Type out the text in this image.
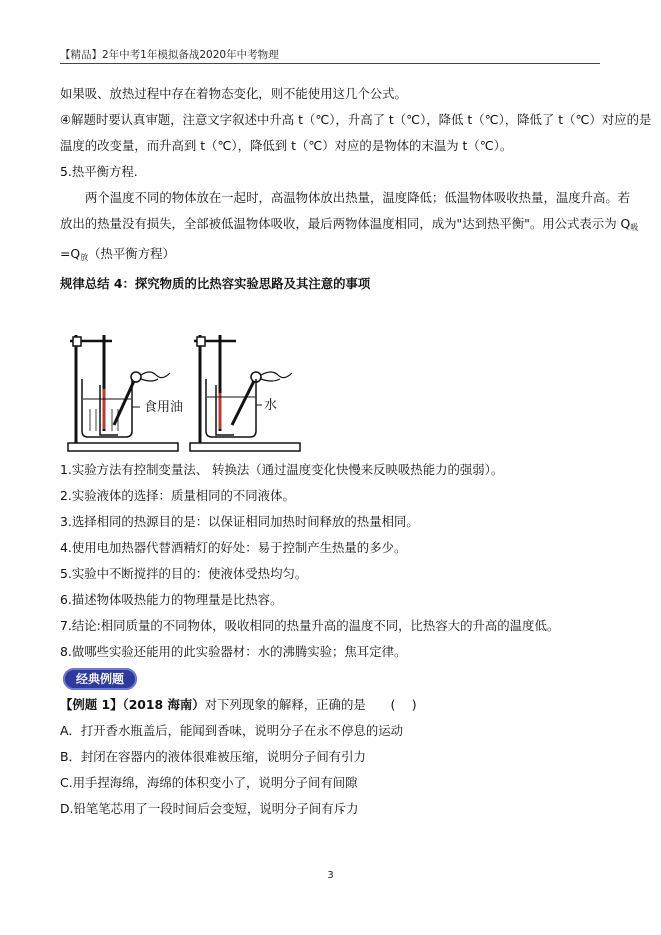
【精品】2年中考1年模拟备战2020年中考物理

如果吸、放热过程中存在着物态变化，则不能使用这几个公式。

④解题时要认真审题，注意文字叙述中升高 t（℃），升高了 t（℃），降低 t（℃），降低了 t（℃）对应的是

温度的改变量，而升高到 t（℃），降低到 t（℃）对应的是物体的末温为 t（℃）。

5.热平衡方程.

两个温度不同的物体放在一起时，高温物体放出热量，温度降低；低温物体吸收热量，温度升高。若

放出的热量没有损失，全部被低温物体吸收，最后两物体温度相同，成为"达到热平衡"。用公式表示为 $Q_吸$

$=Q_放$（热平衡方程）

规律总结 4：探究物质的比热容实验思路及其注意的事项

食用油	水

1.实验方法有控制变量法、 转换法（通过温度变化快慢来反映吸热能力的强弱）。

2.实验液体的选择：质量相同的不同液体。

3.选择相同的热源目的是：以保证相同加热时间释放的热量相同。

4.使用电加热器代替酒精灯的好处：易于控制产生热量的多少。

5.实验中不断搅拌的目的：使液体受热均匀。

6.描述物体吸热能力的物理量是比热容。

7.结论:相同质量的不同物体，吸收相同的热量升高的温度不同，比热容大的升高的温度低。

8.做哪些实验还能用的此实验器材：水的沸腾实验；焦耳定律。

经典例题

【例题 1】（2018 海南）对下列现象的解释，正确的是　　(　 )

A．打开香水瓶盖后，能闻到香味，说明分子在永不停息的运动

B．封闭在容器内的液体很难被压缩，说明分子间有引力

C.用手捏海绵，海绵的体积变小了，说明分子间有间隙

D.铅笔笔芯用了一段时间后会变短，说明分子间有斥力

3
